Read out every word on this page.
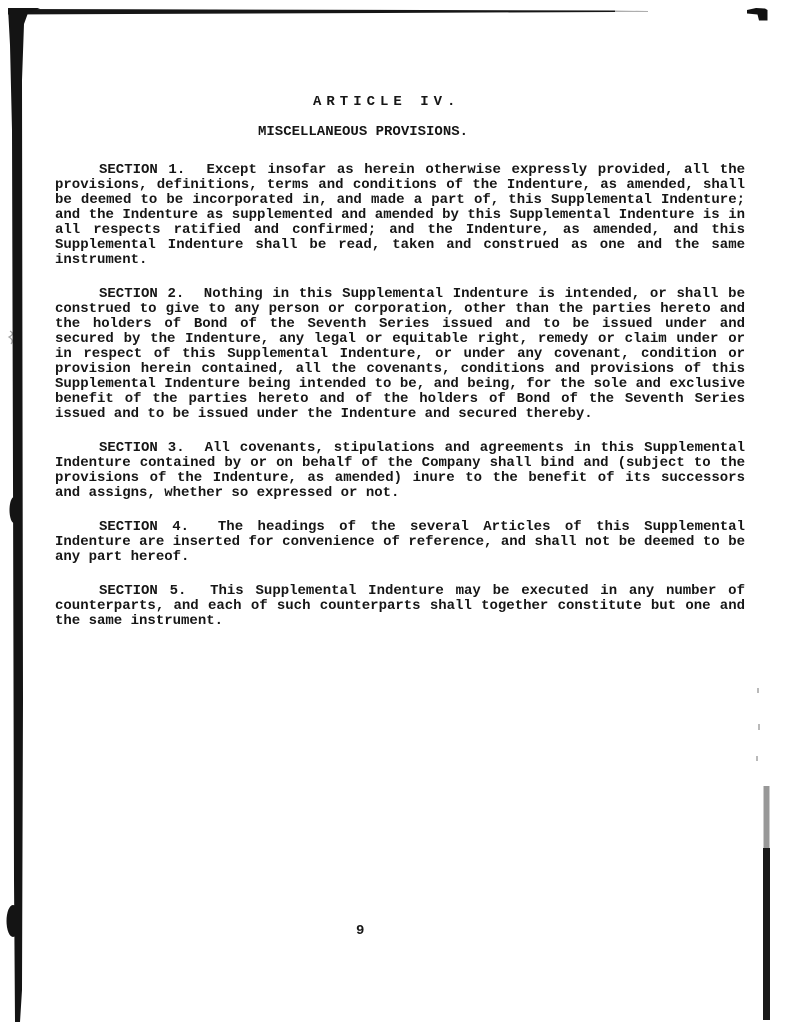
ARTICLE IV.
MISCELLANEOUS PROVISIONS.

SECTION 1. Except insofar as herein otherwise expressly provided, all the provisions, definitions, terms and conditions of the Indenture, as amended, shall be deemed to be incorporated in, and made a part of, this Supplemental Indenture; and the Indenture as supplemented and amended by this Supplemental Indenture is in all respects ratified and confirmed; and the Indenture, as amended, and this Supplemental Indenture shall be read, taken and construed as one and the same instrument.

SECTION 2. Nothing in this Supplemental Indenture is intended, or shall be construed to give to any person or corporation, other than the parties hereto and the holders of Bond of the Seventh Series issued and to be issued under and secured by the Indenture, any legal or equitable right, remedy or claim under or in respect of this Supplemental Indenture, or under any covenant, condition or provision herein contained, all the covenants, conditions and provisions of this Supplemental Indenture being intended to be, and being, for the sole and exclusive benefit of the parties hereto and of the holders of Bond of the Seventh Series issued and to be issued under the Indenture and secured thereby.

SECTION 3. All covenants, stipulations and agreements in this Supplemental Indenture contained by or on behalf of the Company shall bind and (subject to the provisions of the Indenture, as amended) inure to the benefit of its successors and assigns, whether so expressed or not.

SECTION 4. The headings of the several Articles of this Supplemental Indenture are inserted for convenience of reference, and shall not be deemed to be any part hereof.

SECTION 5. This Supplemental Indenture may be executed in any number of counterparts, and each of such counterparts shall together constitute but one and the same instrument.

9
